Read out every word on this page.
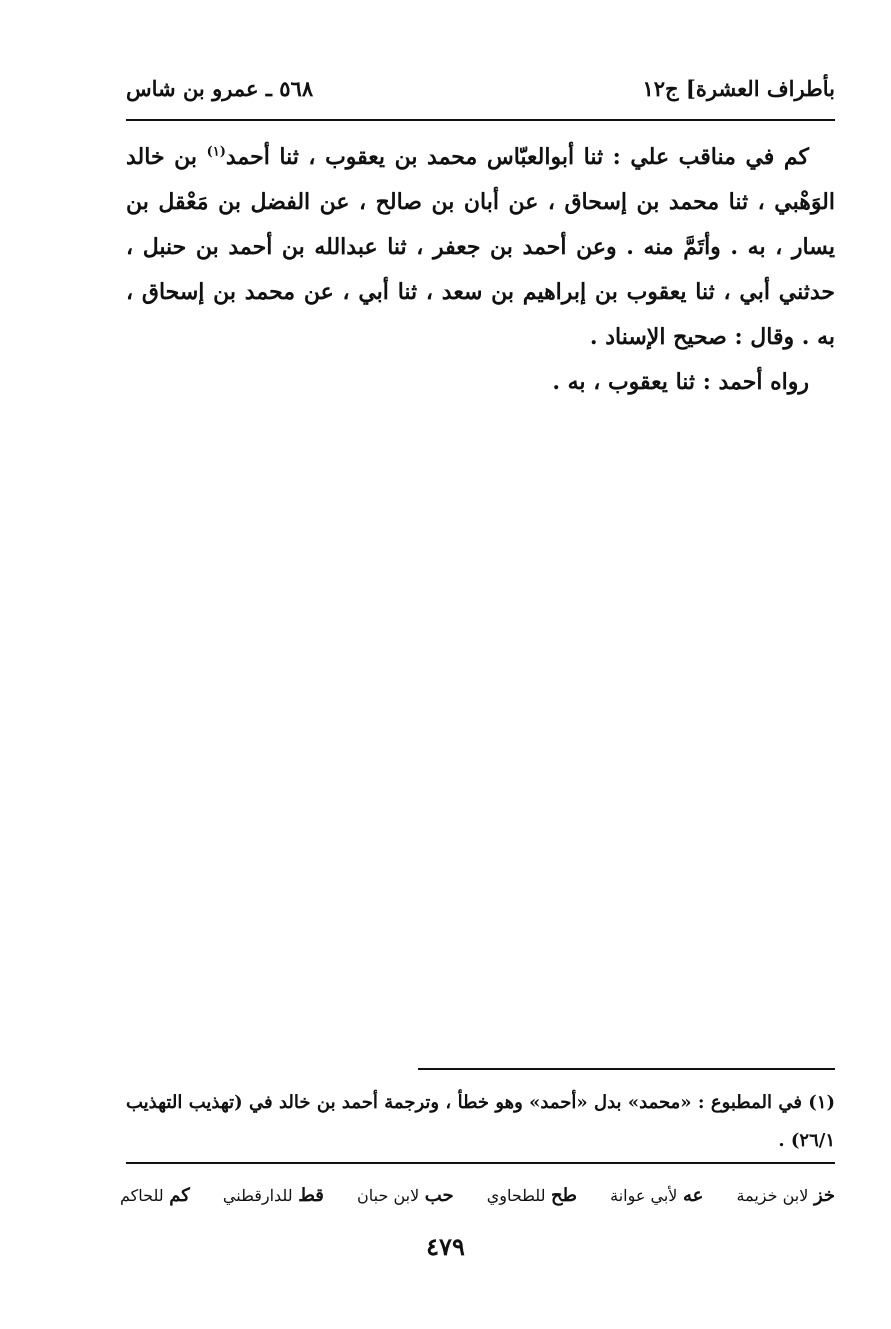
بأطراف العشرة] ج١٢
٥٦٨ ـ عمرو بن شاس

كم في مناقب علي : ثنا أبوالعبّاس محمد بن يعقوب ، ثنا أحمد$^{(١)}$ بن خالد الوَهْبي ، ثنا محمد بن إسحاق ، عن أبان بن صالح ، عن الفضل بن مَعْقل بن يسار ، به . وأتَمَّ منه . وعن أحمد بن جعفر ، ثنا عبدالله بن أحمد بن حنبل ، حدثني أبي ، ثنا يعقوب بن إبراهيم بن سعد ، ثنا أبي ، عن محمد بن إسحاق ، به . وقال : صحيح الإسناد .

رواه أحمد : ثنا يعقوب ، به .

(١) في المطبوع : «محمد» بدل «أحمد» وهو خطأ ، وترجمة أحمد بن خالد في (تهذيب التهذيب ٢٦/١) .

خز لابن خزيمة
عه لأبي عوانة
طح للطحاوي
حب لابن حبان
قط للدارقطني
كم للحاكم
٤٧٩
